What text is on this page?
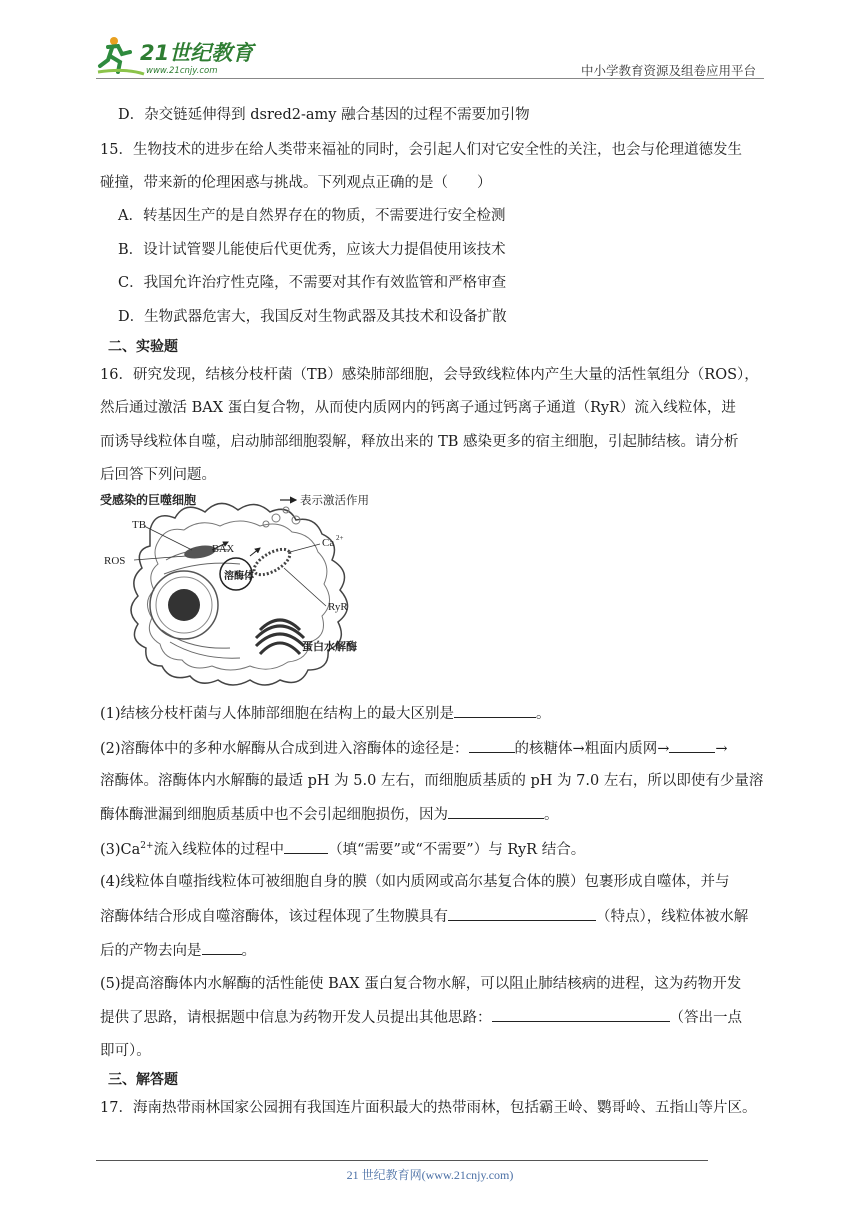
21世纪教育
www.21cnjy.com	中小学教育资源及组卷应用平台
D．杂交链延伸得到 dsred2-amy 融合基因的过程不需要加引物
15．生物技术的进步在给人类带来福祉的同时，会引起人们对它安全性的关注，也会与伦理道德发生
碰撞，带来新的伦理困惑与挑战。下列观点正确的是（　　）
A．转基因生产的是自然界存在的物质，不需要进行安全检测
B．设计试管婴儿能使后代更优秀，应该大力提倡使用该技术
C．我国允许治疗性克隆，不需要对其作有效监管和严格审查
D．生物武器危害大，我国反对生物武器及其技术和设备扩散
二、实验题
16．研究发现，结核分枝杆菌（TB）感染肺部细胞，会导致线粒体内产生大量的活性氧组分（ROS），
然后通过激活 BAX 蛋白复合物，从而使内质网内的钙离子通过钙离子通道（RyR）流入线粒体，进
而诱导线粒体自噬，启动肺部细胞裂解，释放出来的 TB 感染更多的宿主细胞，引起肺结核。请分析
后回答下列问题。
受感染的巨噬细胞	表示激活作用
TB
ROS
BAX
Ca 2+
溶酶体
RyR
蛋白水解酶
(1)结核分枝杆菌与人体肺部细胞在结构上的最大区别是	。
(2)溶酶体中的多种水解酶从合成到进入溶酶体的途径是：	的核糖体→粗面内质网→	→
溶酶体。溶酶体内水解酶的最适 pH 为 5.0 左右，而细胞质基质的 pH 为 7.0 左右，所以即使有少量溶
酶体酶泄漏到细胞质基质中也不会引起细胞损伤，因为	。
$(3)Ca^{2+}$流入线粒体的过程中	（填“需要”或“不需要”）与 RyR 结合。
(4)线粒体自噬指线粒体可被细胞自身的膜（如内质网或高尔基复合体的膜）包裹形成自噬体，并与
溶酶体结合形成自噬溶酶体，该过程体现了生物膜具有	（特点），线粒体被水解
后的产物去向是	。
(5)提高溶酶体内水解酶的活性能使 BAX 蛋白复合物水解，可以阻止肺结核病的进程，这为药物开发
提供了思路，请根据题中信息为药物开发人员提出其他思路：	（答出一点
即可）。
三、解答题
17．海南热带雨林国家公园拥有我国连片面积最大的热带雨林，包括霸王岭、鹦哥岭、五指山等片区。
21 世纪教育网(www.21cnjy.com)
